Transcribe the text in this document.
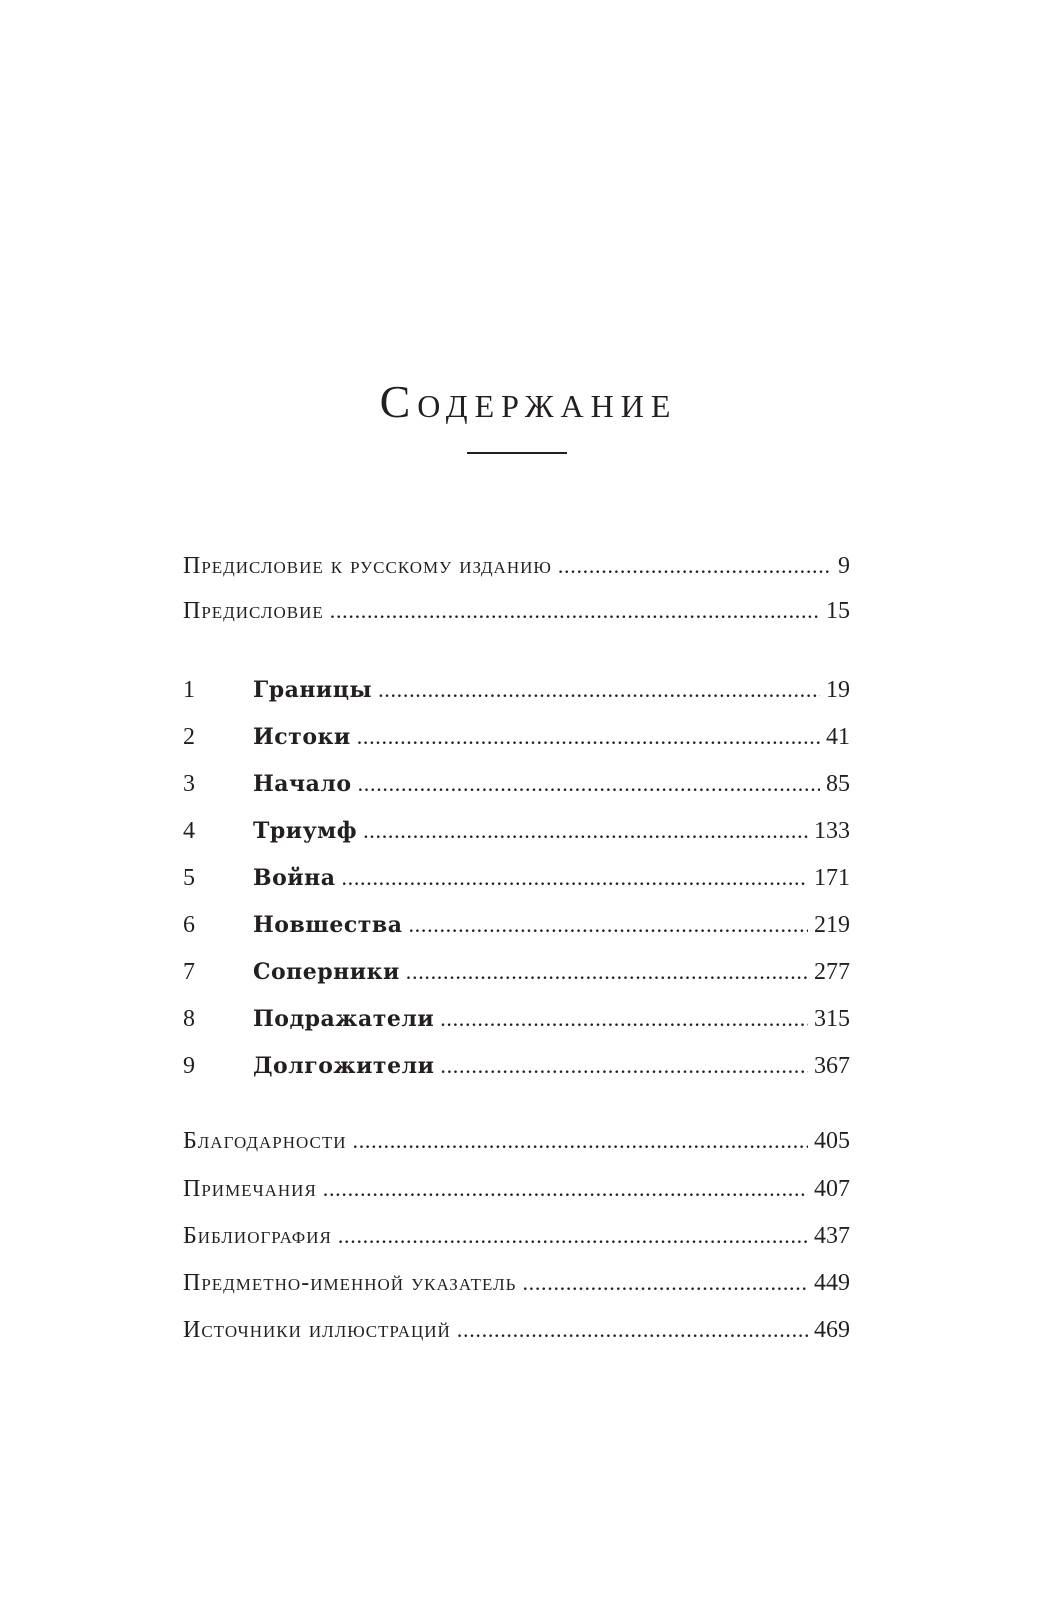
Содержание
Предисловие к русскому изданию . . .	9
Предисловие . . .	15
1	Границы . . .	19
2	Истоки . . .	41
3	Начало . . .	85
4	Триумф . . .	133
5	Война . . .	171
6	Новшества . . .	219
7	Соперники . . .	277
8	Подражатели . . .	315
9	Долгожители . . .	367
Благодарности . . .	405
Примечания . . .	407
Библиография . . .	437
Предметно-именной указатель . . .	449
Источники иллюстраций . . .	469
